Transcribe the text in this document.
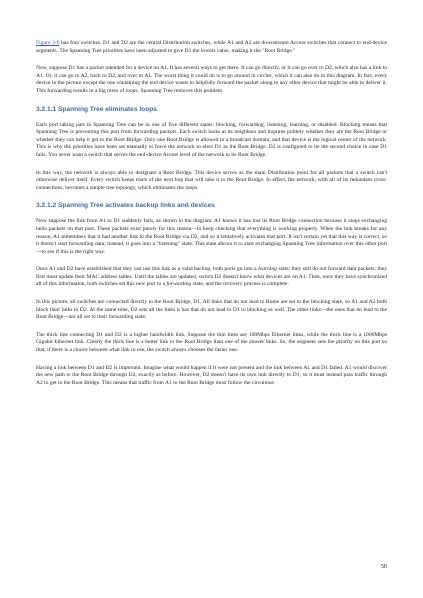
Figure 3-6 has four switches. D1 and D2 are the central Distribution switches, while A1 and A2 are downstream Access switches that connect to end-device segments. The Spanning Tree priorities have been adjusted to give D1 the lowest value, making it the "Root Bridge."

Now, suppose D1 has a packet intended for a device on A1. It has several ways to get there. It can go directly, or it can go over to D2, which also has a link to A1. Or, it can go to A2, back to D2, and over to A1. The worst thing it could do is to go around in circles, which it can also do in this diagram. In fact, every device in the picture except the one containing the end device wants to helpfully forward the packet along to any other device that might be able to deliver it. This forwarding results in a big mess of loops. Spanning Tree removes this problem.

3.2.1.1 Spanning Tree eliminates loops

Each port taking part in Spanning Tree can be in one of five different states: blocking, forwarding, listening, learning, or disabled. Blocking means that Spanning Tree is preventing this port from forwarding packets. Each switch looks at its neighbors and inquires politely whether they are the Root Bridge or whether they can help it get to the Root Bridge. Only one Root Bridge is allowed in a broadcast domain, and that device is the logical center of the network. This is why the priorities have been set manually to force the network to elect D1 as the Root Bridge. D2 is configured to be the second choice in case D1 fails. You never want a switch that serves the end-device Access level of the network to be Root Bridge.

In this way, the network is always able to designate a Root Bridge. This device serves as the main Distribution point for all packets that a switch can't otherwise deliver itself. Every switch keeps track of the next hop that will take it to the Root Bridge. In effect, the network, with all of its redundant cross-connections, becomes a simple tree topology, which eliminates the loops.

3.2.1.2 Spanning Tree activates backup links and devices

Now suppose the link from A1 to D1 suddenly fails, as shown in the diagram. A1 knows it has lost its Root Bridge connection because it stops exchanging hello packets on that port. These packets exist purely for this reason—to keep checking that everything is working properly. When the link breaks for any reason, A1 remembers that it had another link to the Root Bridge via D2, and so it tentatively activates that port. It isn't certain yet that this way is correct, so it doesn't start forwarding data; instead, it goes into a "listening" state. This state allows it to start exchanging Spanning Tree information over this other port—to see if this is the right way.

Once A1 and D2 have established that they can use this link as a valid backup, both ports go into a learning state; they still do not forward data packets; they first must update their MAC address tables. Until the tables are updated, switch D2 doesn't know what devices are on A1. Then, once they have synchronized all of this information, both switches set this new port to a forwarding state, and the recovery process is complete.

In this picture, all switches are connected directly to the Root Bridge, D1. All links that do not lead to Rome are set to the blocking state, so A1 and A2 both block their links to D2. At the same time, D2 sets all the links it has that do not lead to D1 to blocking as well. The other links—the ones that do lead to the Root Bridge—are all set to their forwarding state.

The thick line connecting D1 and D2 is a higher bandwidth link. Suppose the thin lines are 100Mbps Ethernet links, while the thick line is a 1000Mbps Gigabit Ethernet link. Clearly the thick line is a better link to the Root Bridge than one of the slower links. So, the engineer sets the priority on this port so that, if there is a choice between what link to use, the switch always chooses the faster one.

Having a link between D1 and D2 is important. Imagine what would happen if it were not present and the link between A1 and D1 failed. A1 would discover the new path to the Root Bridge through D2, exactly as before. However, D2 doesn't have its own link directly to D1, so it must instead pass traffic through A2 to get to the Root Bridge. This means that traffic from A1 to the Root Bridge must follow the circuitous

50
